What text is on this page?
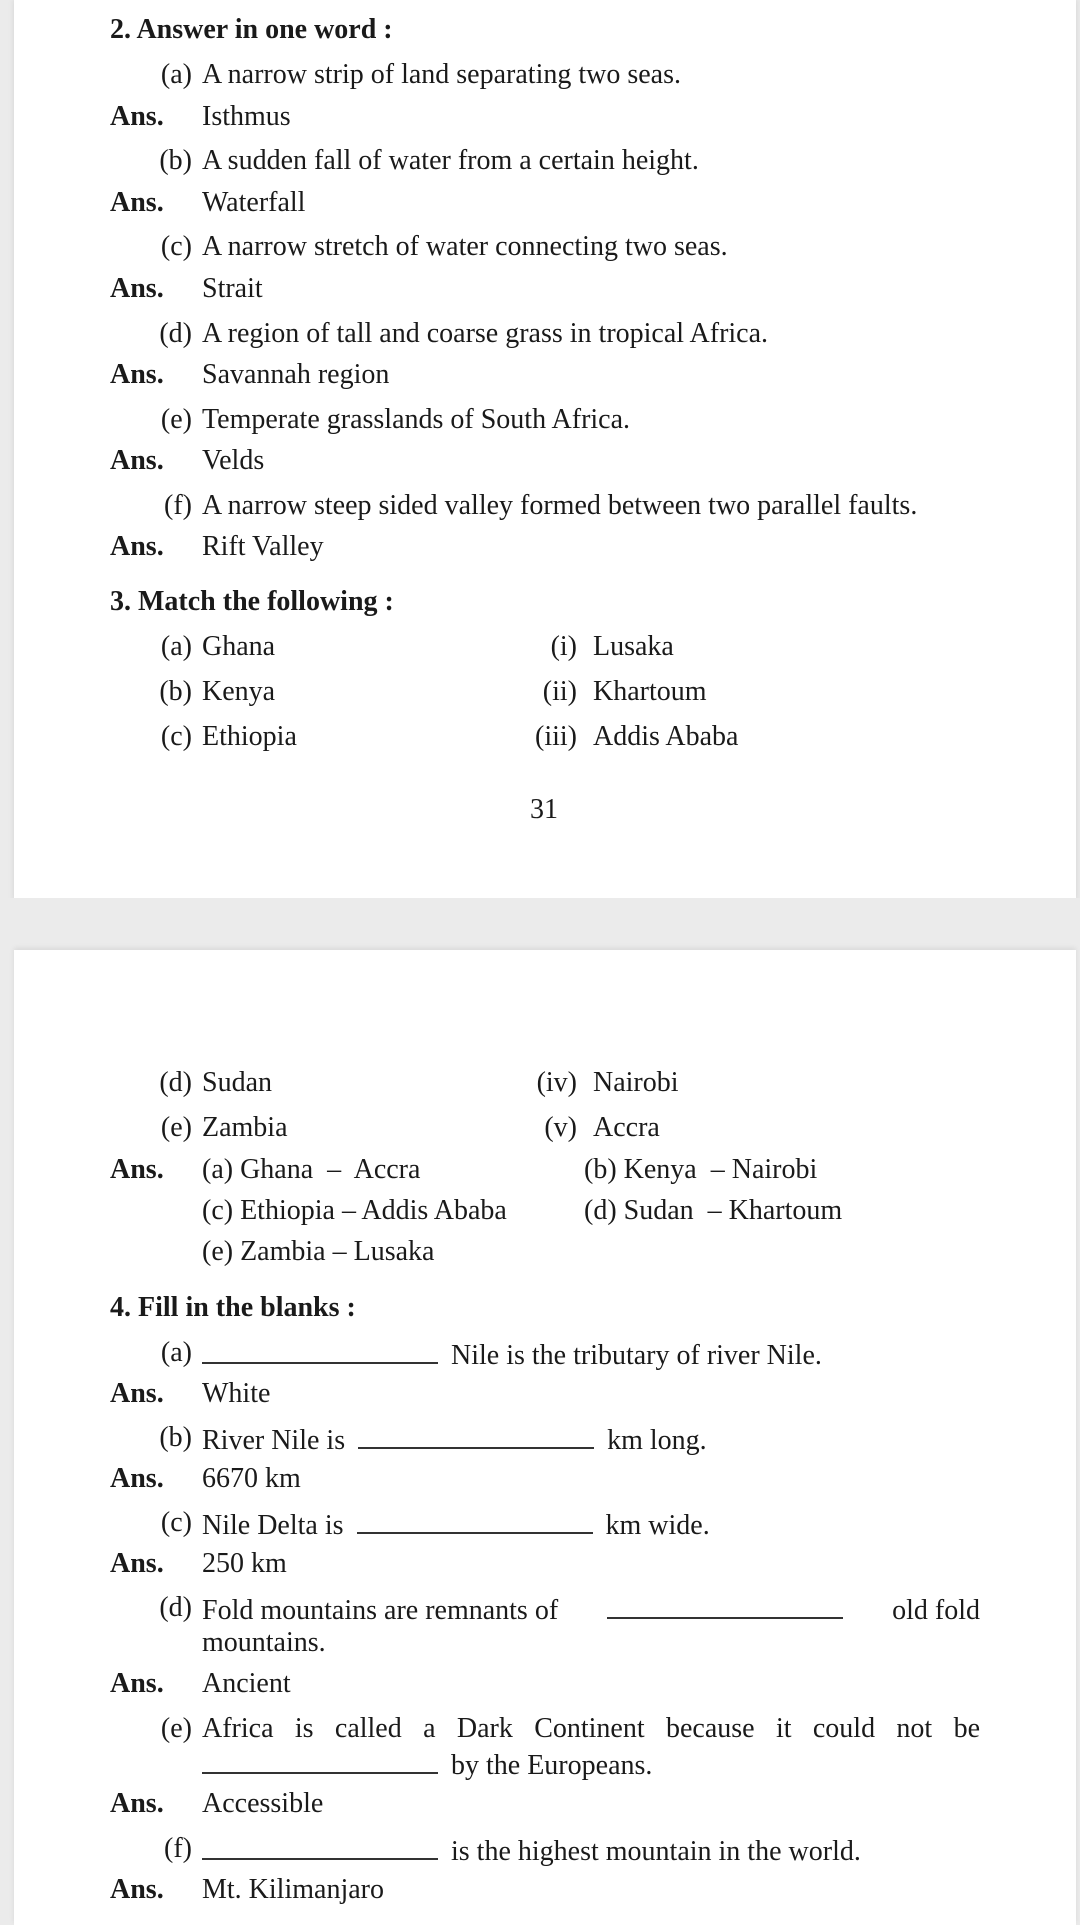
2. Answer in one word :
(a) A narrow strip of land separating two seas.
Ans. Isthmus
(b) A sudden fall of water from a certain height.
Ans. Waterfall
(c) A narrow stretch of water connecting two seas.
Ans. Strait
(d) A region of tall and coarse grass in tropical Africa.
Ans. Savannah region
(e) Temperate grasslands of South Africa.
Ans. Velds
(f) A narrow steep sided valley formed between two parallel faults.
Ans. Rift Valley
3. Match the following :
(a) Ghana	(i) Lusaka
(b) Kenya	(ii) Khartoum
(c) Ethiopia	(iii) Addis Ababa
31
(d) Sudan	(iv) Nairobi
(e) Zambia	(v) Accra
Ans. (a) Ghana  –  Accra	(b) Kenya  – Nairobi
(c) Ethiopia – Addis Ababa	(d) Sudan  – Khartoum
(e) Zambia – Lusaka
4. Fill in the blanks :
(a)	Nile is the tributary of river Nile.
Ans. White
(b) River Nile is	km long.
Ans. 6670 km
(c) Nile Delta is	km wide.
Ans. 250 km
(d) Fold mountains are remnants of	old fold
mountains.
Ans. Ancient
(e) Africa is called a Dark Continent because it could not be
by the Europeans.
Ans. Accessible
(f)	is the highest mountain in the world.
Ans. Mt. Kilimanjaro
